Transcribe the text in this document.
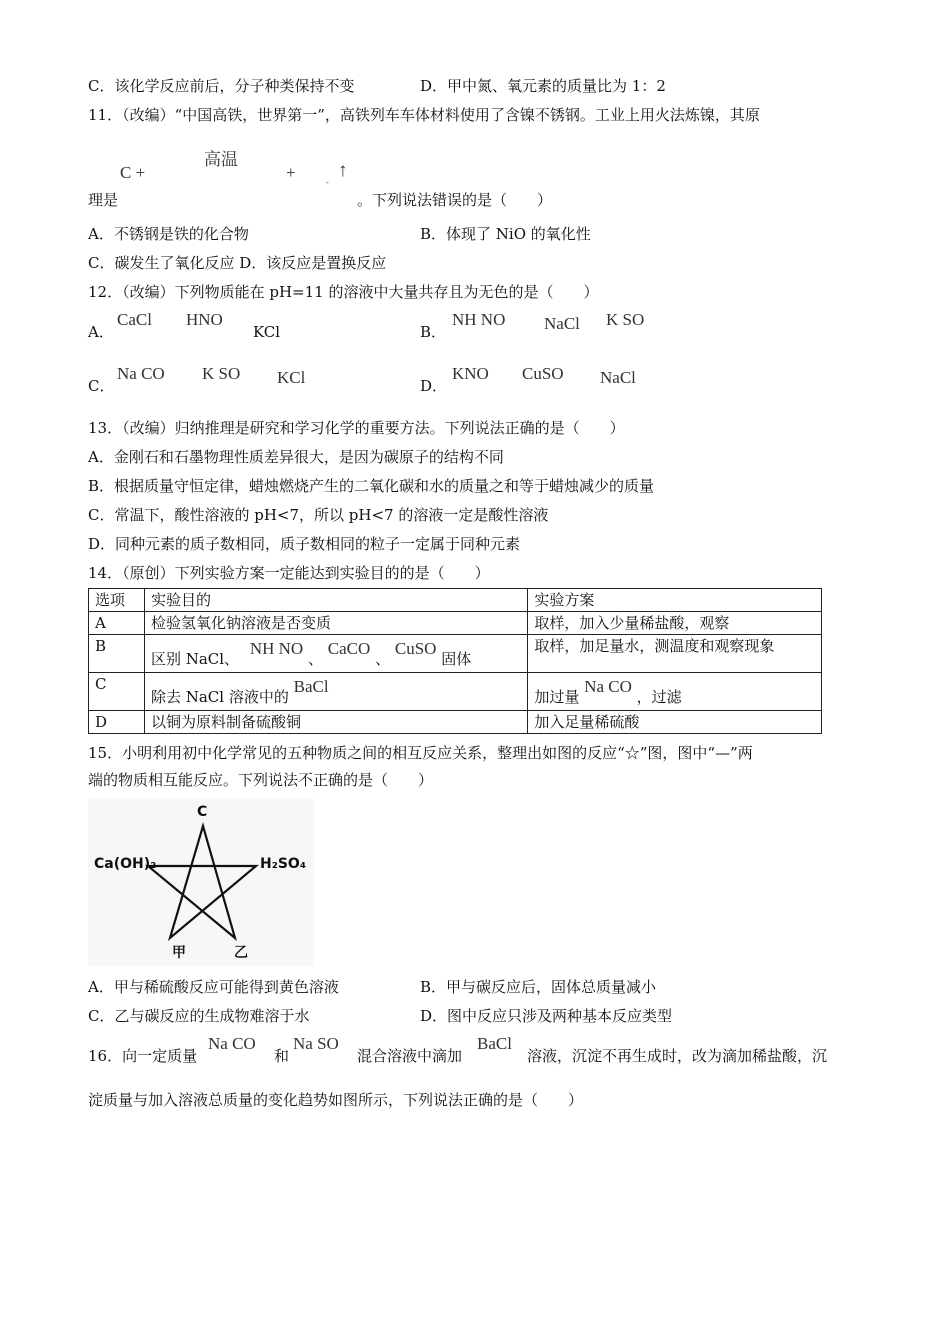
C．该化学反应前后，分子种类保持不变	D．甲中氮、氧元素的质量比为 1：2
11．（改编）“中国高铁，世界第一”，高铁列车车体材料使用了含镍不锈钢。工业上用火法炼镍，其原
高温
C +	+
-
↑
理是	。下列说法错误的是（　　）
A．不锈钢是铁的化合物	B．体现了 NiO 的氧化性
C．碳发生了氧化反应 D．该反应是置换反应
12．（改编）下列物质能在 pH=11 的溶液中大量共存且为无色的是（　　）
A．
CaCl HNO
KCl	B．
NH NO NaCl K SO
C．
Na CO K SO KCl	D．
KNO CuSO NaCl
13．（改编）归纳推理是研究和学习化学的重要方法。下列说法正确的是（　　）
A．金刚石和石墨物理性质差异很大，是因为碳原子的结构不同
B．根据质量守恒定律，蜡烛燃烧产生的二氧化碳和水的质量之和等于蜡烛减少的质量
C．常温下，酸性溶液的 pH<7，所以 pH<7 的溶液一定是酸性溶液
D．同种元素的质子数相同，质子数相同的粒子一定属于同种元素
14．（原创）下列实验方案一定能达到实验目的的是（　　）
选项	实验目的	实验方案
A	检验氢氧化钠溶液是否变质	取样，加入少量稀盐酸，观察
B	区别 NaCl、 NH NO 、 CaCO 、 CuSO 固体	取样，加足量水，测温度和观察现象
C	除去 NaCl 溶液中的 BaCl	加过量 Na CO ，过滤
D	以铜为原料制备硫酸铜	加入足量稀硫酸
15．小明利用初中化学常见的五种物质之间的相互反应关系，整理出如图的反应“☆”图，图中“—”两
端的物质相互能反应。下列说法不正确的是（　　）
C
Ca(OH)₂	H₂SO₄
甲	乙
A．甲与稀硫酸反应可能得到黄色溶液	B．甲与碳反应后，固体总质量减小
C．乙与碳反应的生成物难溶于水	D．图中反应只涉及两种基本反应类型
16．向一定质量
Na CO
和
Na SO
混合溶液中滴加
BaCl
溶液，沉淀不再生成时，改为滴加稀盐酸，沉
淀质量与加入溶液总质量的变化趋势如图所示，下列说法正确的是（　　）
